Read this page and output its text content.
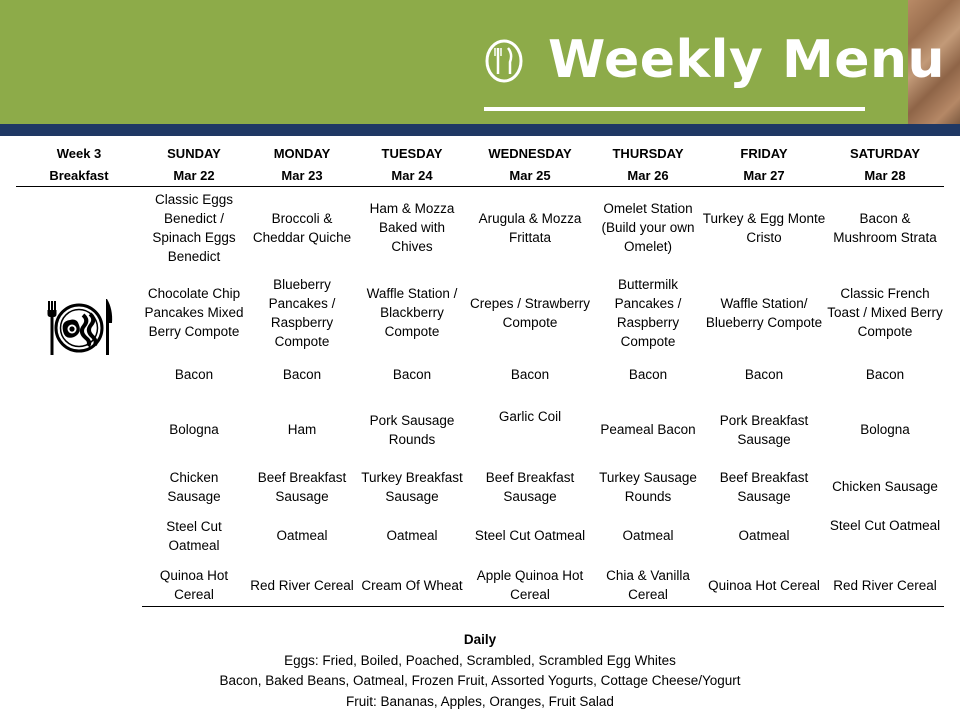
Weekly Menu
Week 3	SUNDAY	MONDAY	TUESDAY	WEDNESDAY	THURSDAY	FRIDAY	SATURDAY
Breakfast	Mar 22	Mar 23	Mar 24	Mar 25	Mar 26	Mar 27	Mar 28

	Classic Eggs Benedict / Spinach Eggs Benedict	Broccoli & Cheddar Quiche	Ham & Mozza Baked with Chives	Arugula & Mozza Frittata	Omelet Station (Build your own Omelet)	Turkey & Egg Monte Cristo	Bacon & Mushroom Strata
	Chocolate Chip Pancakes Mixed Berry Compote	Blueberry Pancakes / Raspberry Compote	Waffle Station / Blackberry Compote	Crepes / Strawberry Compote	Buttermilk Pancakes / Raspberry Compote	Waffle Station/ Blueberry Compote	Classic French Toast / Mixed Berry Compote
	Bacon	Bacon	Bacon	Bacon	Bacon	Bacon	Bacon
	Bologna	Ham	Pork Sausage Rounds	Garlic Coil	Peameal Bacon	Pork Breakfast Sausage	Bologna
	Chicken Sausage	Beef Breakfast Sausage	Turkey Breakfast Sausage	Beef Breakfast Sausage	Turkey Sausage Rounds	Beef Breakfast Sausage	Chicken Sausage
	Steel Cut Oatmeal	Oatmeal	Oatmeal	Steel Cut Oatmeal	Oatmeal	Oatmeal	Steel Cut Oatmeal
	Quinoa Hot Cereal	Red River Cereal	Cream Of Wheat	Apple Quinoa Hot Cereal	Chia & Vanilla Cereal	Quinoa Hot Cereal	Red River Cereal
Daily
Eggs: Fried, Boiled, Poached, Scrambled, Scrambled Egg Whites
Bacon, Baked Beans, Oatmeal, Frozen Fruit, Assorted Yogurts, Cottage Cheese/Yogurt
Fruit: Bananas, Apples, Oranges, Fruit Salad
